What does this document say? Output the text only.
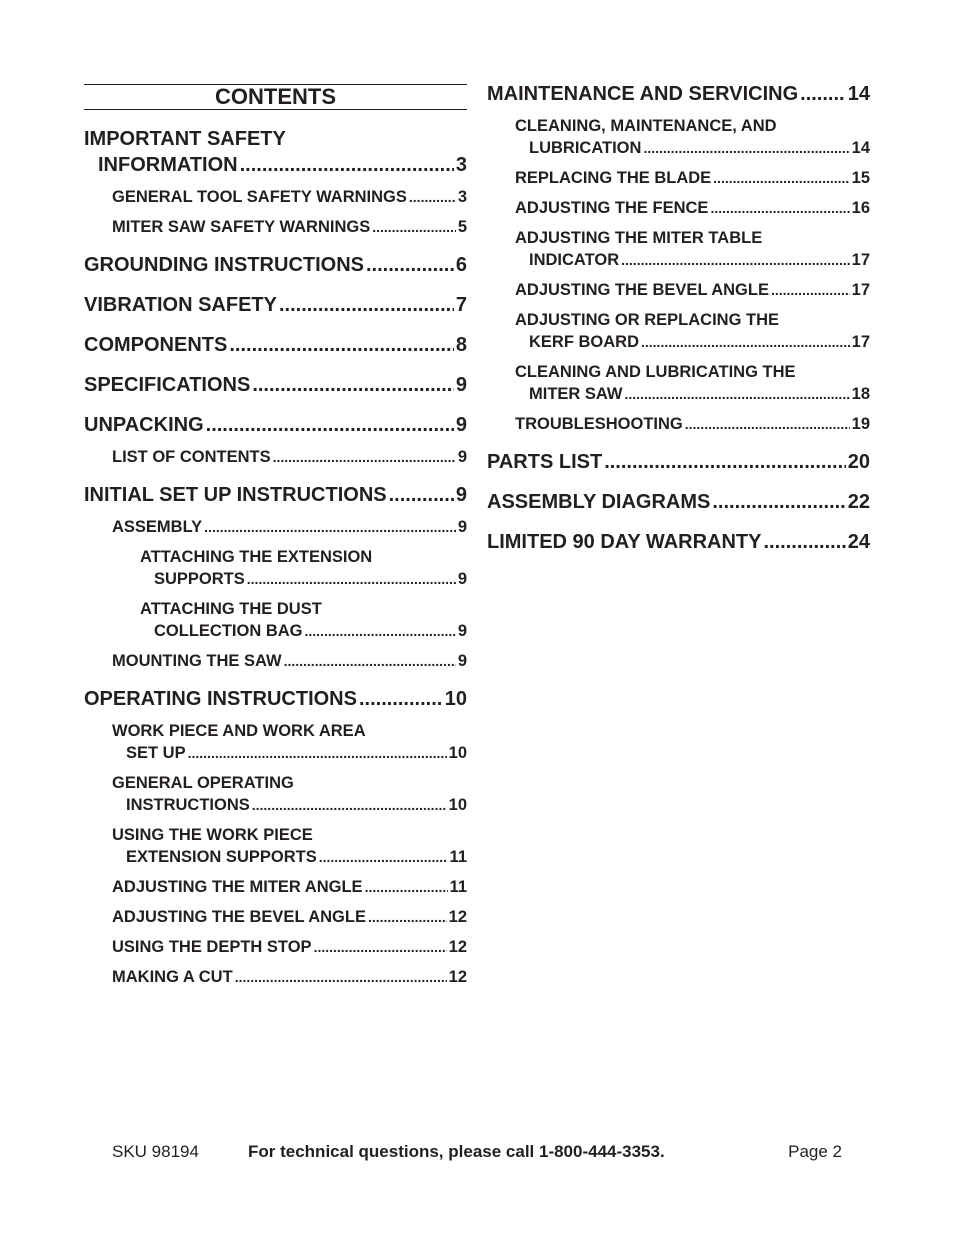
CONTENTS
IMPORTANT SAFETY
INFORMATION .....	3
GENERAL TOOL SAFETY WARNINGS .....	3
MITER SAW SAFETY WARNINGS .....	5
GROUNDING INSTRUCTIONS .....	6
VIBRATION SAFETY .....	7
COMPONENTS .....	8
SPECIFICATIONS .....	9
UNPACKING .....	9
LIST OF CONTENTS .....	9
INITIAL SET UP INSTRUCTIONS .....	9
ASSEMBLY .....	9
ATTACHING THE EXTENSION
SUPPORTS .....	9
ATTACHING THE DUST
COLLECTION BAG .....	9
MOUNTING THE SAW .....	9
OPERATING INSTRUCTIONS .....	10
WORK PIECE AND WORK AREA
SET UP .....	10
GENERAL OPERATING
INSTRUCTIONS .....	10
USING THE WORK PIECE
EXTENSION SUPPORTS .....	11
ADJUSTING THE MITER ANGLE .....	11
ADJUSTING THE BEVEL ANGLE .....	12
USING THE DEPTH STOP .....	12
MAKING A CUT .....	12
MAINTENANCE AND SERVICING ..... 14
CLEANING, MAINTENANCE, AND
LUBRICATION .....	14
REPLACING THE BLADE .....	15
ADJUSTING THE FENCE .....	16
ADJUSTING THE MITER TABLE
INDICATOR .....	17
ADJUSTING THE BEVEL ANGLE .....	17
ADJUSTING OR REPLACING THE
KERF BOARD .....	17
CLEANING AND LUBRICATING THE
MITER SAW .....	18
TROUBLESHOOTING .....	19
PARTS LIST .....	20
ASSEMBLY DIAGRAMS .....	22
LIMITED 90 DAY WARRANTY .....	24
SKU 98194	For technical questions, please call 1-800-444-3353.	Page 2
